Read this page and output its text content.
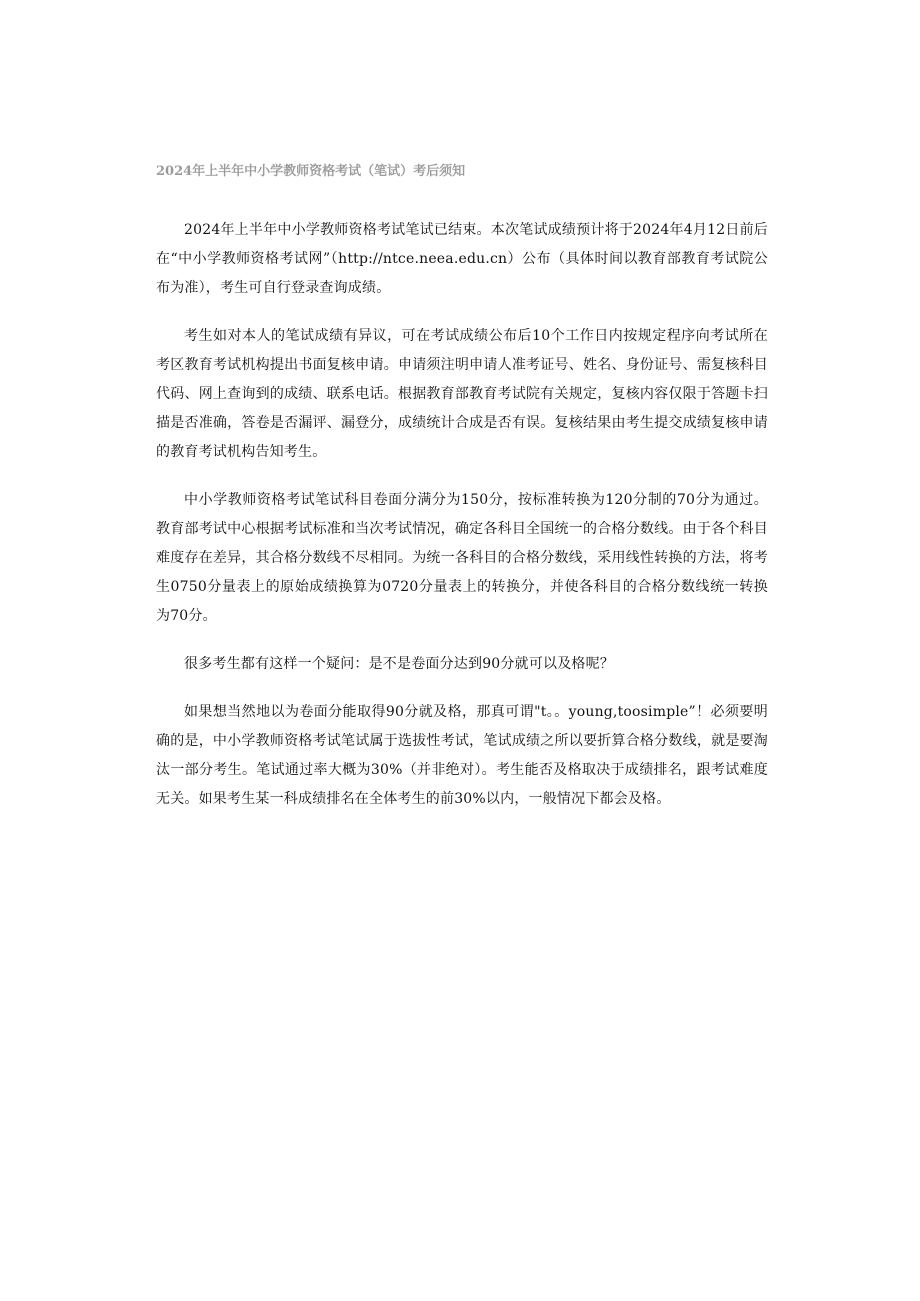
2024年上半年中小学教师资格考试（笔试）考后须知

2024年上半年中小学教师资格考试笔试已结束。本次笔试成绩预计将于2024年4月12日前后在“中小学教师资格考试网”（http://ntce.neea.edu.cn）公布（具体时间以教育部教育考试院公布为准），考生可自行登录查询成绩。

考生如对本人的笔试成绩有异议，可在考试成绩公布后10个工作日内按规定程序向考试所在考区教育考试机构提出书面复核申请。申请须注明申请人准考证号、姓名、身份证号、需复核科目代码、网上查询到的成绩、联系电话。根据教育部教育考试院有关规定，复核内容仅限于答题卡扫描是否准确，答卷是否漏评、漏登分，成绩统计合成是否有误。复核结果由考生提交成绩复核申请的教育考试机构告知考生。

中小学教师资格考试笔试科目卷面分满分为150分，按标准转换为120分制的70分为通过。教育部考试中心根据考试标准和当次考试情况，确定各科目全国统一的合格分数线。由于各个科目难度存在差异，其合格分数线不尽相同。为统一各科目的合格分数线，采用线性转换的方法，将考生0750分量表上的原始成绩换算为0720分量表上的转换分，并使各科目的合格分数线统一转换为70分。

很多考生都有这样一个疑问：是不是卷面分达到90分就可以及格呢？

如果想当然地以为卷面分能取得90分就及格，那真可谓"t。。young,toosimple”！必须要明确的是，中小学教师资格考试笔试属于选拔性考试，笔试成绩之所以要折算合格分数线，就是要淘汰一部分考生。笔试通过率大概为30%（并非绝对）。考生能否及格取决于成绩排名，跟考试难度无关。如果考生某一科成绩排名在全体考生的前30%以内，一般情况下都会及格。
